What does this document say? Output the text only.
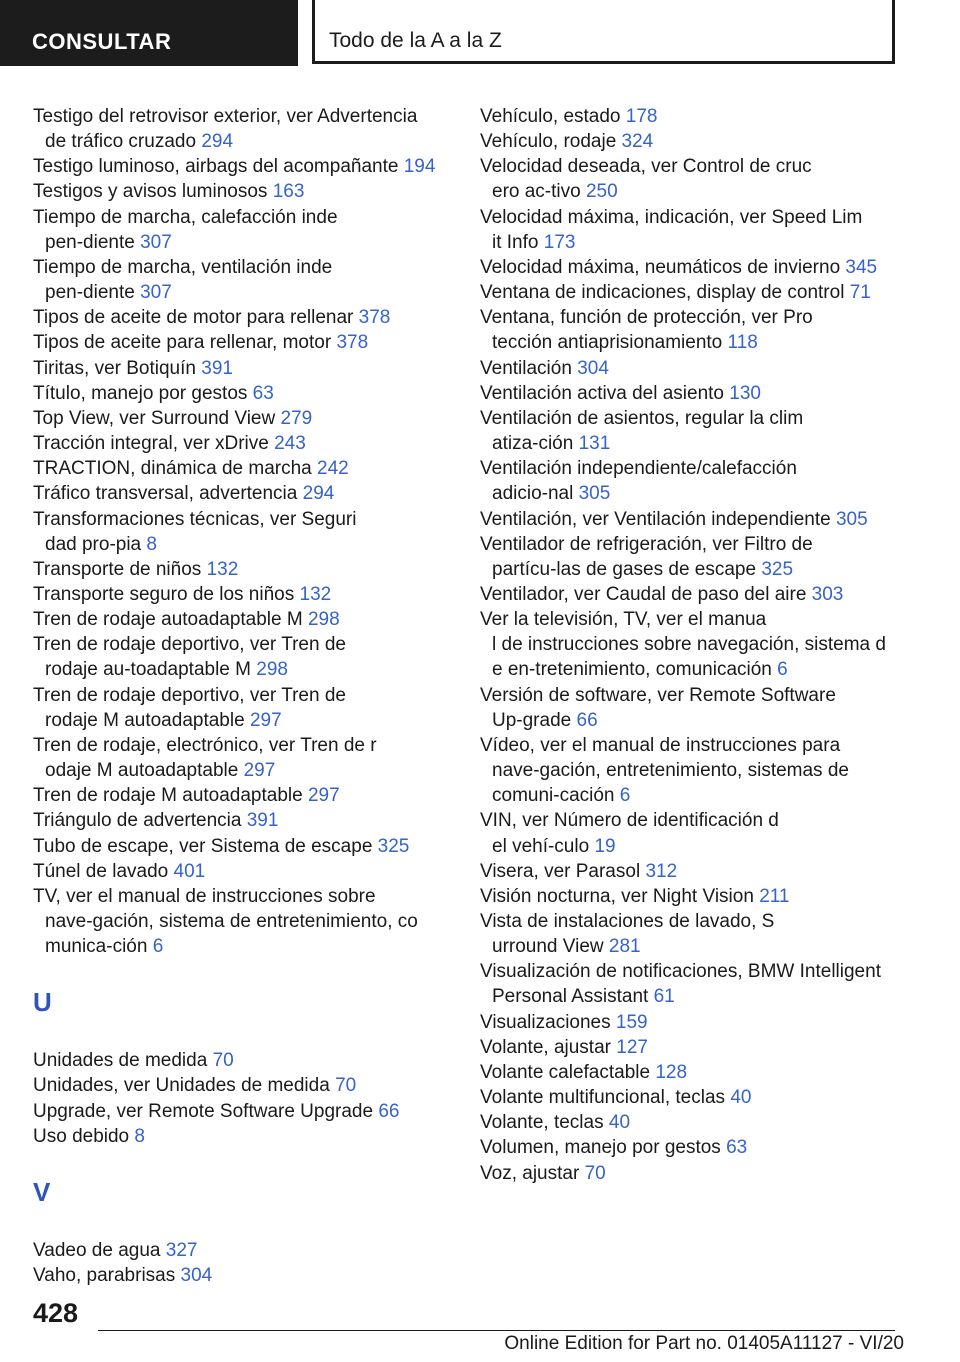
CONSULTAR	Todo de la A a la Z
Testigo del retrovisor exterior, ver Advertencia
de tráfico cruzado 294
Testigo luminoso, airbags del acompañante 194
Testigos y avisos luminosos 163
Tiempo de marcha, calefacción inde
pen-diente 307
Tiempo de marcha, ventilación inde
pen-diente 307
Tipos de aceite de motor para rellenar 378
Tipos de aceite para rellenar, motor 378
Tiritas, ver Botiquín 391
Título, manejo por gestos 63
Top View, ver Surround View 279
Tracción integral, ver xDrive 243
TRACTION, dinámica de marcha 242
Tráfico transversal, advertencia 294
Transformaciones técnicas, ver Seguri
dad pro-pia 8
Transporte de niños 132
Transporte seguro de los niños 132
Tren de rodaje autoadaptable M 298
Tren de rodaje deportivo, ver Tren de
rodaje au-toadaptable M 298
Tren de rodaje deportivo, ver Tren de
rodaje M autoadaptable 297
Tren de rodaje, electrónico, ver Tren de r
odaje M autoadaptable 297
Tren de rodaje M autoadaptable 297
Triángulo de advertencia 391
Tubo de escape, ver Sistema de escape 325
Túnel de lavado 401
TV, ver el manual de instrucciones sobre
nave-gación, sistema de entretenimiento, co
munica-ción 6
U
Unidades de medida 70
Unidades, ver Unidades de medida 70
Upgrade, ver Remote Software Upgrade 66
Uso debido 8
V
Vadeo de agua 327
Vaho, parabrisas 304
Vehículo, estado 178
Vehículo, rodaje 324
Velocidad deseada, ver Control de cruc
ero ac-tivo 250
Velocidad máxima, indicación, ver Speed Lim
it Info 173
Velocidad máxima, neumáticos de invierno 345
Ventana de indicaciones, display de control 71
Ventana, función de protección, ver Pro
tección antiaprisionamiento 118
Ventilación 304
Ventilación activa del asiento 130
Ventilación de asientos, regular la clim
atiza-ción 131
Ventilación independiente/calefacción
adicio-nal 305
Ventilación, ver Ventilación independiente 305
Ventilador de refrigeración, ver Filtro de
partícu-las de gases de escape 325
Ventilador, ver Caudal de paso del aire 303
Ver la televisión, TV, ver el manua
l de instrucciones sobre navegación, sistema d
e en-tretenimiento, comunicación 6
Versión de software, ver Remote Software
Up-grade 66
Vídeo, ver el manual de instrucciones para
nave-gación, entretenimiento, sistemas de
comuni-cación 6
VIN, ver Número de identificación d
el vehí-culo 19
Visera, ver Parasol 312
Visión nocturna, ver Night Vision 211
Vista de instalaciones de lavado, S
urround View 281
Visualización de notificaciones, BMW Intelligent
Personal Assistant 61
Visualizaciones 159
Volante, ajustar 127
Volante calefactable 128
Volante multifuncional, teclas 40
Volante, teclas 40
Volumen, manejo por gestos 63
Voz, ajustar 70
428
Online Edition for Part no. 01405A11127 - VI/20
